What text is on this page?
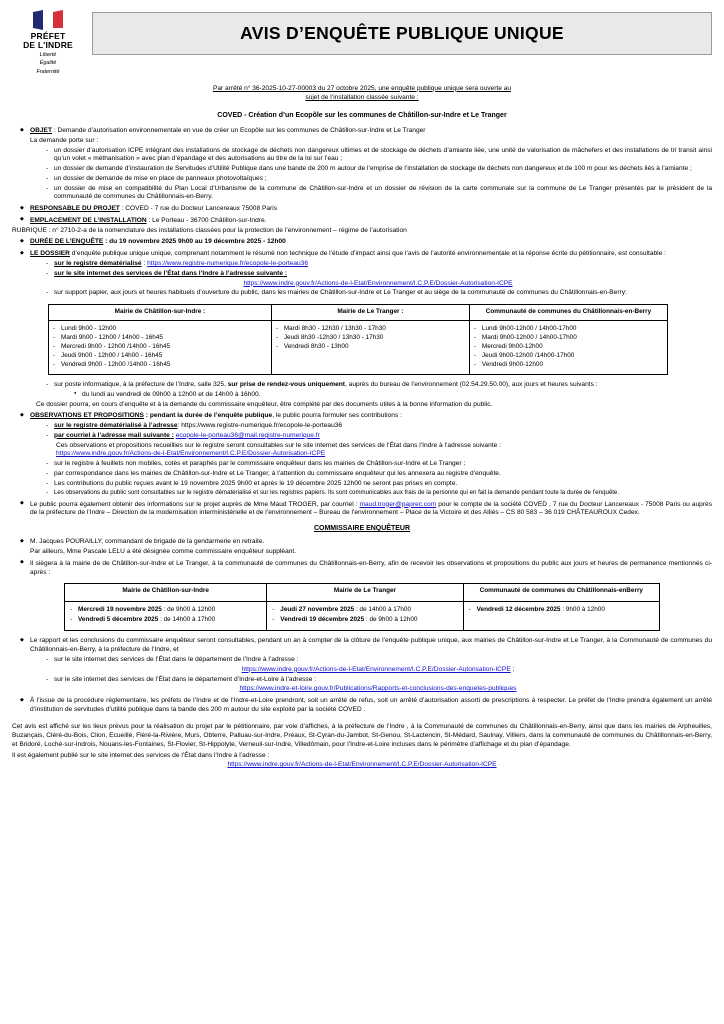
PRÉFET
DE L'INDRE
Liberté
Égalité
Fraternité
AVIS D’ENQUÊTE PUBLIQUE UNIQUE
Par arrêté n° 36-2025-10-27-00003 du 27 octobre 2025, une enquête publique unique sera ouverte au
sujet de l’installation classée suivante :
COVED - Création d’un Ecopôle sur les communes de Châtillon-sur-Indre et Le Tranger
◆ OBJET : Demande d’autorisation environnementale en vue de créer un Ecopôle sur les communes de Châtillon-sur-Indre et Le Tranger
La demande porte sur :
- un dossier d’autorisation ICPE intégrant des installations de stockage de déchets non dangereux ultimes et de stockage de déchets d’amiante liée, une unité de valorisation de mâchefers et des installations de tri transit ainsi qu’un volet « méthanisation » avec plan d’épandage et des autorisations au titre de la loi sur l’eau ;
- un dossier de demande d’instauration de Servitudes d’Utilité Publique dans une bande de 200 m autour de l’emprise de l’installation de stockage de déchets non dangereux et de 100 m pour les déchets liés à l’amiante ;
- un dossier de demande de mise en place de panneaux photovoltaïques ;
- un dossier de mise en compatibilité du Plan Local d’Urbanisme de la commune de Châtillon-sur-Indre et un dossier de révision de la carte communale sur la commune de Le Tranger présentés par le président de la communauté de communes du Châtillonnais-en-Berry.
◆ RESPONSABLE DU PROJET : COVED - 7 rue du Docteur Lancereaux 75008 Paris
◆ EMPLACEMENT DE L’INSTALLATION : Le Porteau - 36700 Châtillon-sur-Indre.
RUBRIQUE : n° 2710-2-a de la nomenclature des installations classées pour la protection de l’environnement – régime de l’autorisation
◆ DURÉE DE L’ENQUÊTE : du 19 novembre 2025 9h00 au 19 décembre 2025 - 12h00
◆ LE DOSSIER d’enquête publique unique unique, comprenant notamment le résumé non technique de l’étude d’impact ainsi que l’avis de l’autorité environnementale et la réponse écrite du pétitionnaire, est consultable :
- sur le registre dématérialisé : https://www.registre-numerique.fr/ecopole-le-porteau36
- sur le site internet des services de l’État dans l’Indre à l’adresse suivante :
https://www.indre.gouv.fr/Actions-de-l-Etat/Environnement/I.C.P.E/Dossier-Autorisation-ICPE
- sur support papier, aux jours et heures habituels d’ouverture du public, dans les mairies de Châtillon-sur-Indre et Le Tranger et au siège de la communauté de communes du Châtillonnais-en-Berry:
Mairie de Châtillon-sur-Indre :	Mairie de Le Tranger :	Communauté de communes du Châtillonnais-en-Berry

- Lundi 9h00 - 12h00
- Mardi 9h00 - 12h00 / 14h00 - 16h45
- Mercredi 9h00 - 12h00 /14h00 - 16h45
- Jeudi 9h00 - 12h00 / 14h00 - 16h45
- Vendredi 9h00 - 12h00 /14h00 - 16h45

- Mardi 8h30 - 12h30 / 13h30 - 17h30
- Jeudi 8h30 -12h30 / 13h30 - 17h30
- Vendredi 8h30 - 13h00

- Lundi 9h00-12h00 / 14h00-17h00
- Mardi 9h00-12h00 / 14h00-17h00
- Mercredi 9h00-12h00
- Jeudi 9h00-12h00 /14h00-17h00
- Vendredi 9h00-12h00
- sur poste informatique, à la préfecture de l’Indre, salle 325, sur prise de rendez-vous uniquement, auprès du bureau de l’environnement (02.54.29.50.00), aux jours et heures suivants :
● du lundi au vendredi de 09h00 à 12h00 et de 14h00 à 16h00.
Ce dossier pourra, en cours d’enquête et à la demande du commissaire enquêteur, être complété par des documents utiles à la bonne information du public.
◆ OBSERVATIONS ET PROPOSITIONS : pendant la durée de l’enquête publique, le public pourra formuler ses contributions :
- sur le registre dématérialisé à l’adresse: https://www.registre-numerique.fr/ecopole-le-porteau36
- par courriel à l’adresse mail suivante : ecopole-le-porteau36@mail.registre-numerique.fr
Ces observations et propositions recueillies sur le registre seront consultables sur le site internet des services de l’État dans l’Indre à l’adresse suivante :
https://www.indre.gouv.fr/Actions-de-l-Etat/Environnement/I.C.P.E/Dossier-Autorisation-ICPE
- sur le registre à feuillets non mobiles, cotés et paraphés par le commissaire enquêteur dans les mairies de Châtillon-sur-Indre et Le Tranger ;
- par correspondance dans les mairies de Châtillon-sur-Indre et Le Tranger, à l’attention du commissaire enquêteur qui les annexera au registre d’enquête.
- Les contributions du public reçues avant le 19 novembre 2025 9h00 et après le 19 décembre 2025 12h00 ne seront pas prises en compte.
- Les observations du public sont consultables sur le registre dématérialisé et sur les registres papiers. Ils sont communicables aux frais de la personne qui en fait la demande pendant toute la durée de l’enquête.
◆ Le public pourra également obtenir des informations sur le projet auprès de Mme Maud TROGER, par courriel : maud.troger@paprec.com pour le compte de la société COVED , 7 rue du Docteur Lancereaux - 75008 Paris ou auprès de la préfecture de l’Indre – Direction de la modernisation interministérielle et de l’environnement – Bureau de l’environnement – Place de la Victoire et des Alliés – CS 80 583 – 36 019 CHÂTEAUROUX Cedex.
COMMISSAIRE ENQUÊTEUR
◆ M. Jacques POURAILLY, commandant de brigade de la gendarmerie en retraite.
Par ailleurs, Mme Pascale LELU a été désignée comme commissaire enquêteur suppléant.
◆ Il siègera à la mairie de de Châtillon-sur-Indre et Le Tranger, à la communauté de communes du Châtillonnais-en-Berry, afin de recevoir les observations et propositions du public aux jours et heures de permanence mentionnés ci-après :
Mairie de Châtillon-sur-Indre	Mairie de Le Tranger	Communauté de communes du Châtillonnais-enBerry

- Mercredi 19 novembre 2025 : de 9h00 à 12h00
- Vendredi 5 décembre 2025 : de 14h00 à 17h00

- Jeudi 27 novembre 2025 : de 14h00 à 17h00
- Vendredi 19 décembre 2025 : de 9h00 à 12h00

- Vendredi 12 décembre 2025 : 9h00 à 12h00
◆ Le rapport et les conclusions du commissaire enquêteur seront consultables, pendant un an à compter de la clôture de l’enquête publique unique, aux mairies de Châtillon-sur-Indre et Le Tranger, à la Communauté de communes du Châtillonnais-en-Berry, à la préfecture de l’Indre, et
- sur le site internet des services de l’État dans le département de l’Indre à l’adresse :
https://www.indre.gouv.fr/Actions-de-l-Etat/Environnement/I.C.P.E/Dossier-Autorisation-ICPE ;
- sur le site internet des services de l’État dans le département d’Indre-et-Loire à l’adresse :
https://www.indre-et-loire.gouv.fr/Publications/Rapports-et-conclusions-des-enquetes-publiques
◆ À l’issue de la procédure réglementaire, les préfets de l’Indre et de l’Indre-et-Loire prendront, soit un arrêté de refus, soit un arrêté d’autorisation assorti de prescriptions à respecter. Le préfet de l’Indre prendra également un arrêté d’institution de servitudes d’utilité publique dans la bande des 200 m autour du site exploité par la société COVED .
Cet avis est affiché sur les lieux prévus pour la réalisation du projet par le pétitionnaire, par voie d’affiches, à la préfecture de l’Indre , à la Communauté de communes du Châtillonnais-en-Berry, ainsi que dans les mairies de Arpheuilles, Buzançais, Cléré-du-Bois, Clion, Ecueillé, Fléré-la-Rivière, Murs, Obterre, Palluau-sur-Indre, Préaux, St-Cyran-du-Jambot, St-Genou, St-Lactencin, St-Médard, Saulnay, Villiers, dans la communauté de communes du Châtillonnais-en-Berry, et Bridoré, Loché-sur-Indrois, Nouans-les-Fontaines, St-Flovier, St-Hippolyte, Verneuil-sur-Indre, Villedômain, pour l’Indre-et-Loire incluses dans le périmètre d’affichage et du plan d’épandage.
Il est également publié sur le site internet des services de l’État dans l’Indre à l’adresse :
https://www.indre.gouv.fr/Actions-de-l-Etat/Environnement/I.C.P.E/Dossier-Autorisation-ICPE
